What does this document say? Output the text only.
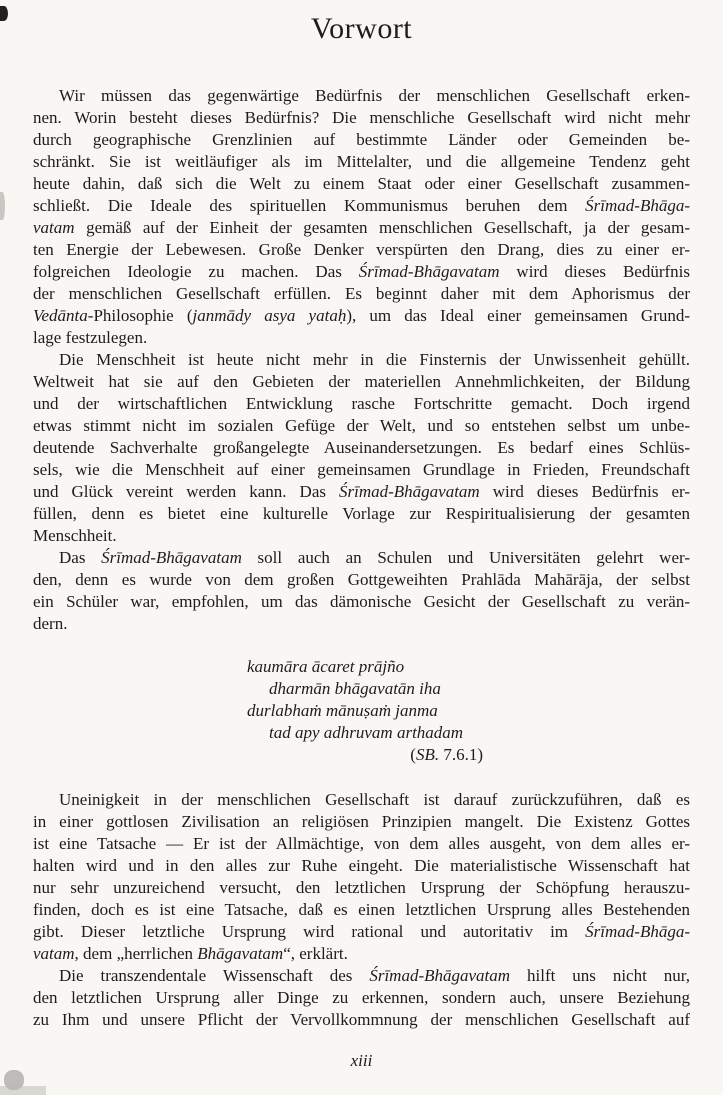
Vorwort
Wir müssen das gegenwärtige Bedürfnis der menschlichen Gesellschaft erken-
nen. Worin besteht dieses Bedürfnis? Die menschliche Gesellschaft wird nicht mehr
durch geographische Grenzlinien auf bestimmte Länder oder Gemeinden be-
schränkt. Sie ist weitläufiger als im Mittelalter, und die allgemeine Tendenz geht
heute dahin, daß sich die Welt zu einem Staat oder einer Gesellschaft zusammen-
schließt. Die Ideale des spirituellen Kommunismus beruhen dem Śrīmad-Bhāga-
vatam gemäß auf der Einheit der gesamten menschlichen Gesellschaft, ja der gesam-
ten Energie der Lebewesen. Große Denker verspürten den Drang, dies zu einer er-
folgreichen Ideologie zu machen. Das Śrīmad-Bhāgavatam wird dieses Bedürfnis
der menschlichen Gesellschaft erfüllen. Es beginnt daher mit dem Aphorismus der
Vedānta-Philosophie (janmādy asya yataḥ), um das Ideal einer gemeinsamen Grund-
lage festzulegen.
Die Menschheit ist heute nicht mehr in die Finsternis der Unwissenheit gehüllt.
Weltweit hat sie auf den Gebieten der materiellen Annehmlichkeiten, der Bildung
und der wirtschaftlichen Entwicklung rasche Fortschritte gemacht. Doch irgend
etwas stimmt nicht im sozialen Gefüge der Welt, und so entstehen selbst um unbe-
deutende Sachverhalte großangelegte Auseinandersetzungen. Es bedarf eines Schlüs-
sels, wie die Menschheit auf einer gemeinsamen Grundlage in Frieden, Freundschaft
und Glück vereint werden kann. Das Śrīmad-Bhāgavatam wird dieses Bedürfnis er-
füllen, denn es bietet eine kulturelle Vorlage zur Respiritualisierung der gesamten
Menschheit.
Das Śrīmad-Bhāgavatam soll auch an Schulen und Universitäten gelehrt wer-
den, denn es wurde von dem großen Gottgeweihten Prahlāda Mahārāja, der selbst
ein Schüler war, empfohlen, um das dämonische Gesicht der Gesellschaft zu verän-
dern.
kaumāra ācaret prājño
dharmān bhāgavatān iha
durlabhaṁ mānuṣaṁ janma
tad apy adhruvam arthadam
(SB. 7.6.1)
Uneinigkeit in der menschlichen Gesellschaft ist darauf zurückzuführen, daß es
in einer gottlosen Zivilisation an religiösen Prinzipien mangelt. Die Existenz Gottes
ist eine Tatsache — Er ist der Allmächtige, von dem alles ausgeht, von dem alles er-
halten wird und in den alles zur Ruhe eingeht. Die materialistische Wissenschaft hat
nur sehr unzureichend versucht, den letztlichen Ursprung der Schöpfung herauszu-
finden, doch es ist eine Tatsache, daß es einen letztlichen Ursprung alles Bestehenden
gibt. Dieser letztliche Ursprung wird rational und autoritativ im Śrīmad-Bhāga-
vatam, dem „herrlichen Bhāgavatam“, erklärt.
Die transzendentale Wissenschaft des Śrīmad-Bhāgavatam hilft uns nicht nur,
den letztlichen Ursprung aller Dinge zu erkennen, sondern auch, unsere Beziehung
zu Ihm und unsere Pflicht der Vervollkommnung der menschlichen Gesellschaft auf
xiii
